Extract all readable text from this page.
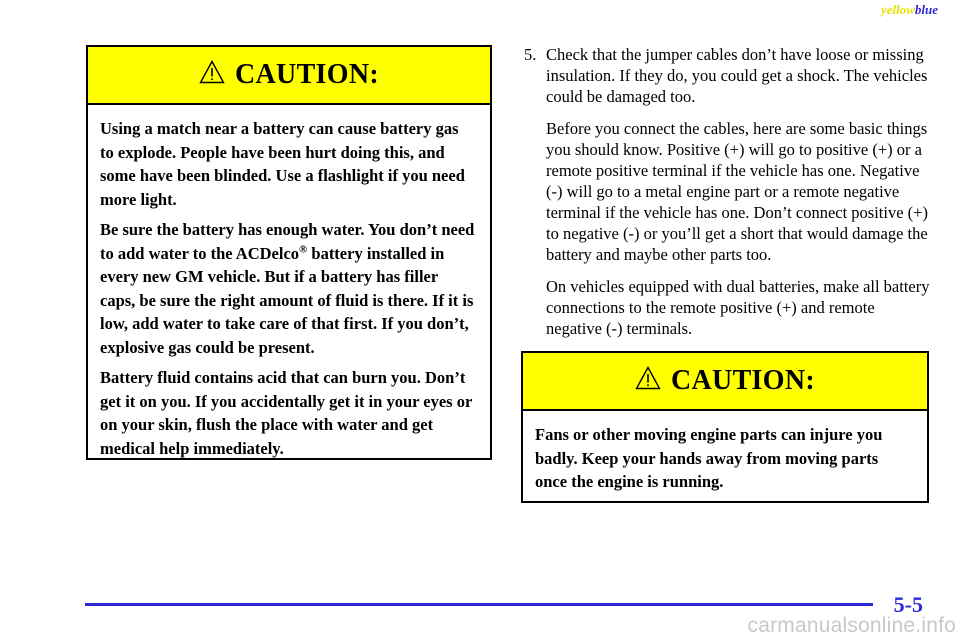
yellowblue
CAUTION:

Using a match near a battery can cause battery gas to explode. People have been hurt doing this, and some have been blinded. Use a flashlight if you need more light.

Be sure the battery has enough water. You don’t need to add water to the ACDelco® battery installed in every new GM vehicle. But if a battery has filler caps, be sure the right amount of fluid is there. If it is low, add water to take care of that first. If you don’t, explosive gas could be present.

Battery fluid contains acid that can burn you. Don’t get it on you. If you accidentally get it in your eyes or on your skin, flush the place with water and get medical help immediately.

5. Check that the jumper cables don’t have loose or missing insulation. If they do, you could get a shock. The vehicles could be damaged too.

Before you connect the cables, here are some basic things you should know. Positive (+) will go to positive (+) or a remote positive terminal if the vehicle has one. Negative (-) will go to a metal engine part or a remote negative terminal if the vehicle has one. Don’t connect positive (+) to negative (-) or you’ll get a short that would damage the battery and maybe other parts too.

On vehicles equipped with dual batteries, make all battery connections to the remote positive (+) and remote negative (-) terminals.

CAUTION:

Fans or other moving engine parts can injure you badly. Keep your hands away from moving parts once the engine is running.

5-5
carmanualsonline.info
